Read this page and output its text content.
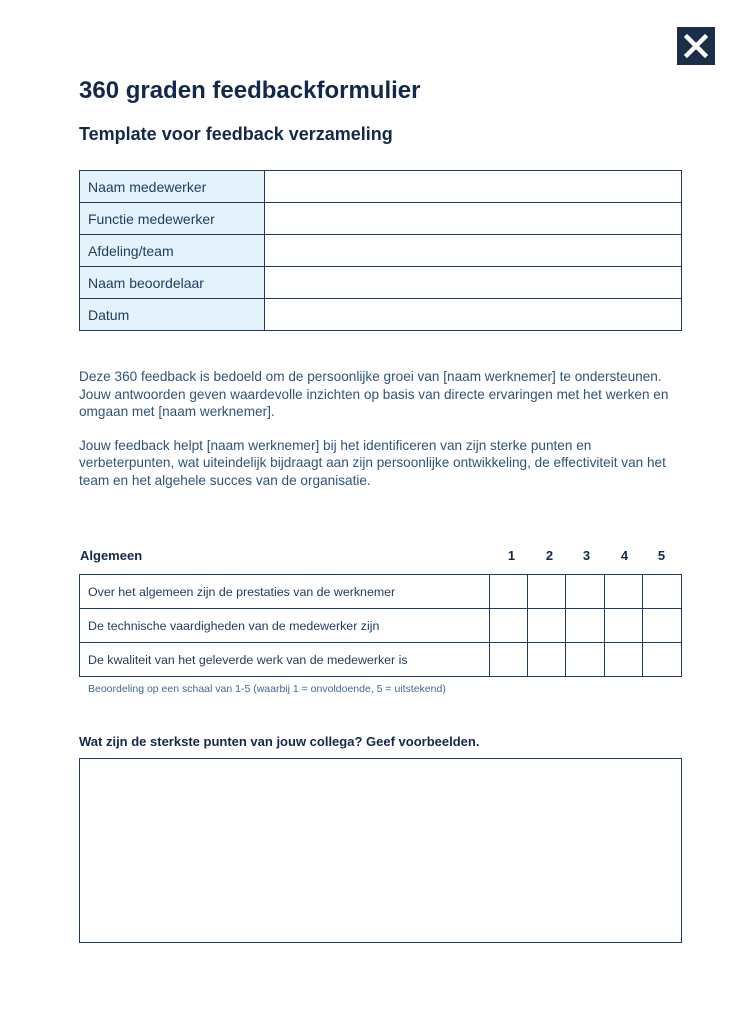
360 graden feedbackformulier
Template voor feedback verzameling
Naam medewerker	
Functie medewerker	
Afdeling/team	
Naam beoordelaar	
Datum	

Deze 360 feedback is bedoeld om de persoonlijke groei van [naam werknemer] te ondersteunen. Jouw antwoorden geven waardevolle inzichten op basis van directe ervaringen met het werken en omgaan met [naam werknemer].

Jouw feedback helpt [naam werknemer] bij het identificeren van zijn sterke punten en verbeterpunten, wat uiteindelijk bijdraagt aan zijn persoonlijke ontwikkeling, de effectiviteit van het team en het algehele succes van de organisatie.

Algemeen	1	2	3	4	5
Over het algemeen zijn de prestaties van de werknemer					
De technische vaardigheden van de medewerker zijn					
De kwaliteit van het geleverde werk van de medewerker is					
Beoordeling op een schaal van 1-5 (waarbij 1 = onvoldoende, 5 = uitstekend)
Wat zijn de sterkste punten van jouw collega? Geef voorbeelden.
